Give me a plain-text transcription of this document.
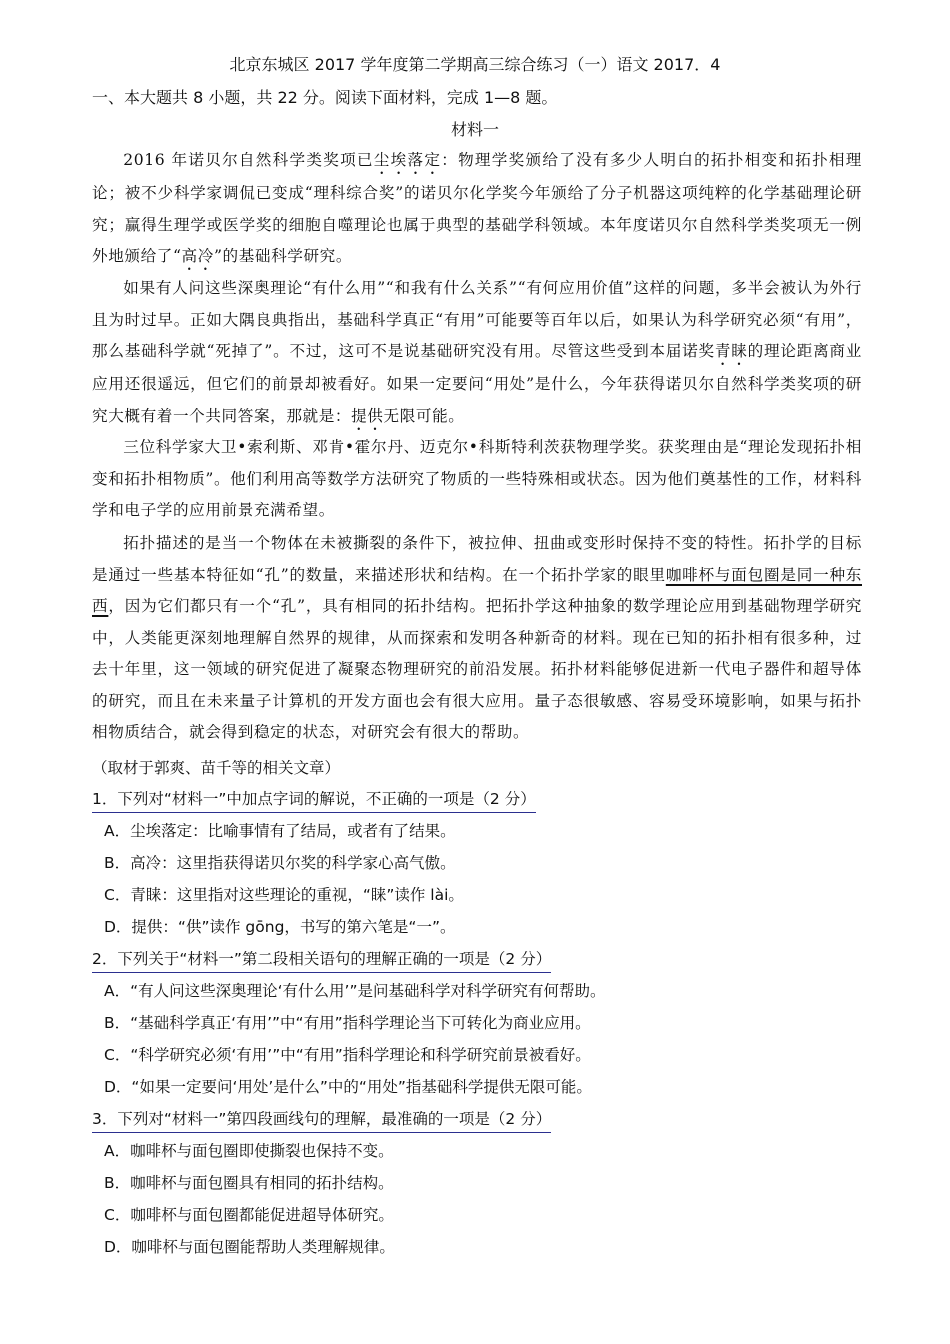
北京东城区 2017 学年度第二学期高三综合练习（一）语文 2017．4
一、本大题共 8 小题，共 22 分。阅读下面材料，完成 1—8 题。
材料一

2016 年诺贝尔自然科学类奖项已尘埃落定：物理学奖颁给了没有多少人明白的拓扑相变和拓扑相理论；被不少科学家调侃已变成“理科综合奖”的诺贝尔化学奖今年颁给了分子机器这项纯粹的化学基础理论研究；赢得生理学或医学奖的细胞自噬理论也属于典型的基础学科领域。本年度诺贝尔自然科学类奖项无一例外地颁给了“高冷”的基础科学研究。

如果有人问这些深奥理论“有什么用”“和我有什么关系”“有何应用价值”这样的问题，多半会被认为外行且为时过早。正如大隅良典指出，基础科学真正“有用”可能要等百年以后，如果认为科学研究必须“有用”，那么基础科学就“死掉了”。不过，这可不是说基础研究没有用。尽管这些受到本届诺奖青睐的理论距离商业应用还很遥远，但它们的前景却被看好。如果一定要问“用处”是什么，今年获得诺贝尔自然科学类奖项的研究大概有着一个共同答案，那就是：提供无限可能。

三位科学家大卫•索利斯、邓肯•霍尔丹、迈克尔•科斯特利茨获物理学奖。获奖理由是“理论发现拓扑相变和拓扑相物质”。他们利用高等数学方法研究了物质的一些特殊相或状态。因为他们奠基性的工作，材料科学和电子学的应用前景充满希望。

拓扑描述的是当一个物体在未被撕裂的条件下，被拉伸、扭曲或变形时保持不变的特性。拓扑学的目标是通过一些基本特征如“孔”的数量，来描述形状和结构。在一个拓扑学家的眼里咖啡杯与面包圈是同一种东西，因为它们都只有一个“孔”，具有相同的拓扑结构。把拓扑学这种抽象的数学理论应用到基础物理学研究中，人类能更深刻地理解自然界的规律，从而探索和发明各种新奇的材料。现在已知的拓扑相有很多种，过去十年里，这一领域的研究促进了凝聚态物理研究的前沿发展。拓扑材料能够促进新一代电子器件和超导体的研究，而且在未来量子计算机的开发方面也会有很大应用。量子态很敏感、容易受环境影响，如果与拓扑相物质结合，就会得到稳定的状态，对研究会有很大的帮助。

（取材于郭爽、苗千等的相关文章）
1．下列对“材料一”中加点字词的解说，不正确的一项是（2 分）
A．尘埃落定：比喻事情有了结局，或者有了结果。
B．高冷：这里指获得诺贝尔奖的科学家心高气傲。
C．青睐：这里指对这些理论的重视，“睐”读作 lài。
D．提供：“供”读作 gōng，书写的第六笔是“一”。
2．下列关于“材料一”第二段相关语句的理解正确的一项是（2 分）
A．“有人问这些深奥理论‘有什么用’”是问基础科学对科学研究有何帮助。
B．“基础科学真正‘有用’”中“有用”指科学理论当下可转化为商业应用。
C．“科学研究必须‘有用’”中“有用”指科学理论和科学研究前景被看好。
D．“如果一定要问‘用处’是什么”中的“用处”指基础科学提供无限可能。
3．下列对“材料一”第四段画线句的理解，最准确的一项是（2 分）
A．咖啡杯与面包圈即使撕裂也保持不变。
B．咖啡杯与面包圈具有相同的拓扑结构。
C．咖啡杯与面包圈都能促进超导体研究。
D．咖啡杯与面包圈能帮助人类理解规律。
